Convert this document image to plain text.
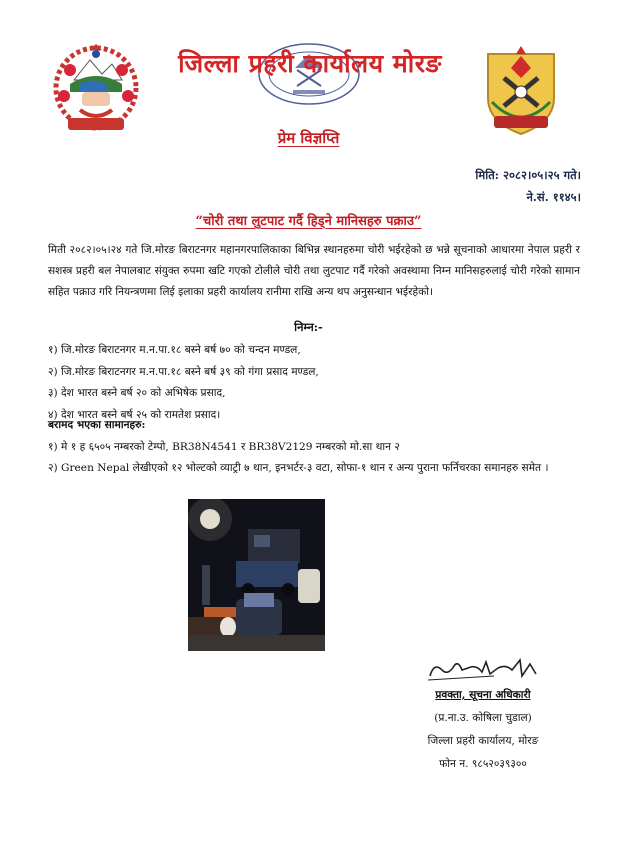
जिल्ला प्रहरी कार्यालय मोरङ
प्रेम विज्ञप्ति
मिति: २०८२।०५।२५ गते।
ने.सं. ११४५।
“चोरी तथा लुटपाट गर्दै हिड्ने मानिसहरु पक्राउ”
मिती २०८२।०५।२४ गते जि.मोरङ बिराटनगर महानगरपालिकाका बिभिन्न स्थानहरुमा चोरी भईरहेको छ भन्ने सूचनाको आधारमा नेपाल प्रहरी र सशस्त्र प्रहरी बल नेपालबाट संयुक्त रुपमा खटि गएको टोलीले चोरी तथा लुटपाट गर्दै गरेको अवस्थामा निम्न मानिसहरुलाई चोरी गरेको सामान सहित पक्राउ गरि नियन्त्रणमा लिई इलाका प्रहरी कार्यालय रानीमा राखि अन्य थप अनुसन्धान भईरहेको।
निम्न:-
१) जि.मोरङ बिराटनगर म.न.पा.१८ बस्ने बर्ष ७० को चन्दन मण्डल,
२) जि.मोरङ बिराटनगर म.न.पा.१८ बस्ने बर्ष ३९ को गंगा प्रसाद मण्डल,
३) देश भारत बस्ने बर्ष २० को अभिषेक प्रसाद,
४) देश भारत बस्ने बर्ष २५ को रामतेश प्रसाद।
बरामद भएका सामानहरु:
१) मे १ ह ६५०५ नम्बरको टेम्पो, BR38N4541 र BR38V2129 नम्बरको मो.सा थान २
२) Green Nepal लेखीएको १२ भोल्टको व्याट्री ७ थान, इनभर्टर-३ वटा, सोफा-१ थान र अन्य पुराना फर्निचरका समानहरु समेत ।
प्रवक्ता, सूचना अधिकारी
(प्र.ना.उ. कोषिला चुडाल)
जिल्ला प्रहरी कार्यालय, मोरङ
फोन न. ९८५२०३९३००
